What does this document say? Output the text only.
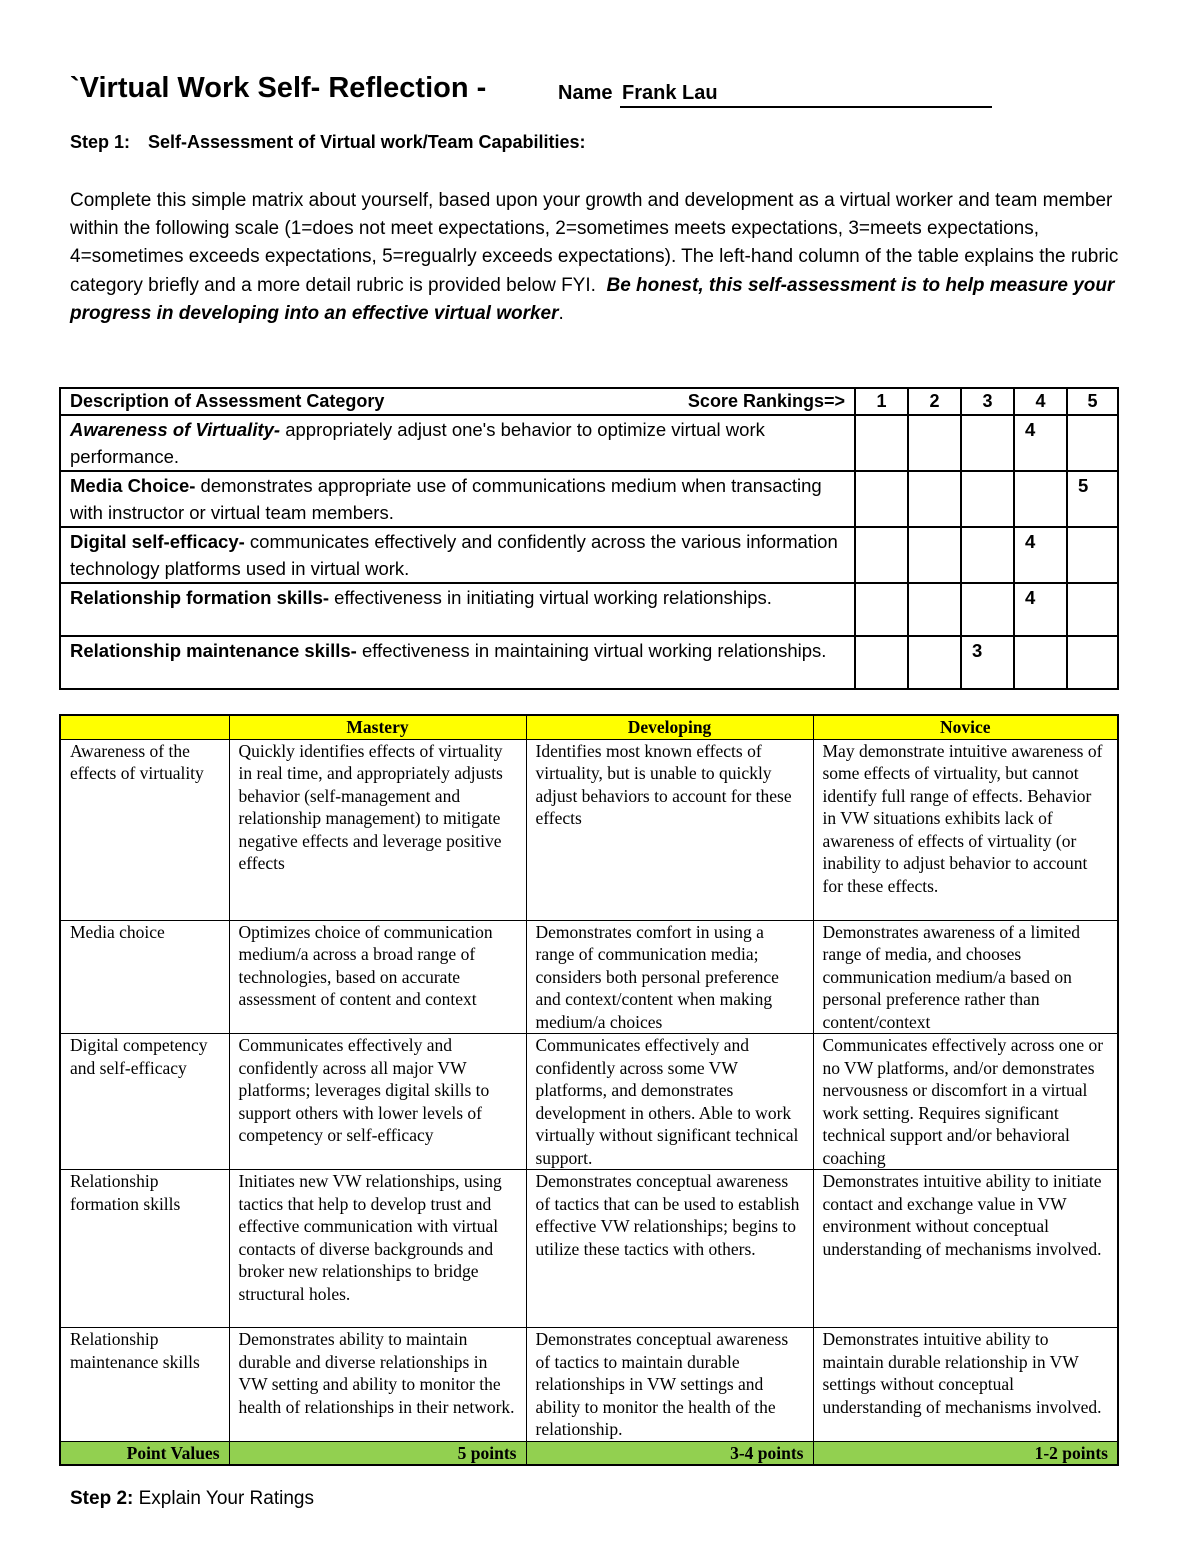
`Virtual Work Self- Reflection -	Name Frank Lau
Step 1: Self-Assessment of Virtual work/Team Capabilities:
Complete this simple matrix about yourself, based upon your growth and development as a virtual worker and team member within the following scale (1=does not meet expectations, 2=sometimes meets expectations, 3=meets expectations, 4=sometimes exceeds expectations, 5=regualrly exceeds expectations). The left-hand column of the table explains the rubric category briefly and a more detail rubric is provided below FYI. Be honest, this self-assessment is to help measure your progress in developing into an effective virtual worker.
Description of Assessment Category Score Rankings=>	1	2	3	4	5
Awareness of Virtuality- appropriately adjust one's behavior to optimize virtual work performance.				4	
Media Choice- demonstrates appropriate use of communications medium when transacting with instructor or virtual team members.					5
Digital self-efficacy- communicates effectively and confidently across the various information technology platforms used in virtual work.				4	
Relationship formation skills- effectiveness in initiating virtual working relationships.				4	
Relationship maintenance skills- effectiveness in maintaining virtual working relationships.			3		
	Mastery	Developing	Novice
Awareness of the effects of virtuality	Quickly identifies effects of virtuality in real time, and appropriately adjusts behavior (self-management and relationship management) to mitigate negative effects and leverage positive effects	Identifies most known effects of virtuality, but is unable to quickly adjust behaviors to account for these effects	May demonstrate intuitive awareness of some effects of virtuality, but cannot identify full range of effects. Behavior in VW situations exhibits lack of awareness of effects of virtuality (or inability to adjust behavior to account for these effects.
Media choice	Optimizes choice of communication medium/a across a broad range of technologies, based on accurate assessment of content and context	Demonstrates comfort in using a range of communication media; considers both personal preference and context/content when making medium/a choices	Demonstrates awareness of a limited range of media, and chooses communication medium/a based on personal preference rather than content/context
Digital competency and self-efficacy	Communicates effectively and confidently across all major VW platforms; leverages digital skills to support others with lower levels of competency or self-efficacy	Communicates effectively and confidently across some VW platforms, and demonstrates development in others. Able to work virtually without significant technical support.	Communicates effectively across one or no VW platforms, and/or demonstrates nervousness or discomfort in a virtual work setting. Requires significant technical support and/or behavioral coaching
Relationship formation skills	Initiates new VW relationships, using tactics that help to develop trust and effective communication with virtual contacts of diverse backgrounds and broker new relationships to bridge structural holes.	Demonstrates conceptual awareness of tactics that can be used to establish effective VW relationships; begins to utilize these tactics with others.	Demonstrates intuitive ability to initiate contact and exchange value in VW environment without conceptual understanding of mechanisms involved.
Relationship maintenance skills	Demonstrates ability to maintain durable and diverse relationships in VW setting and ability to monitor the health of relationships in their network.	Demonstrates conceptual awareness of tactics to maintain durable relationships in VW settings and ability to monitor the health of the relationship.	Demonstrates intuitive ability to maintain durable relationship in VW settings without conceptual understanding of mechanisms involved.
Point Values	5 points	3-4 points	1-2 points
Step 2: Explain Your Ratings
